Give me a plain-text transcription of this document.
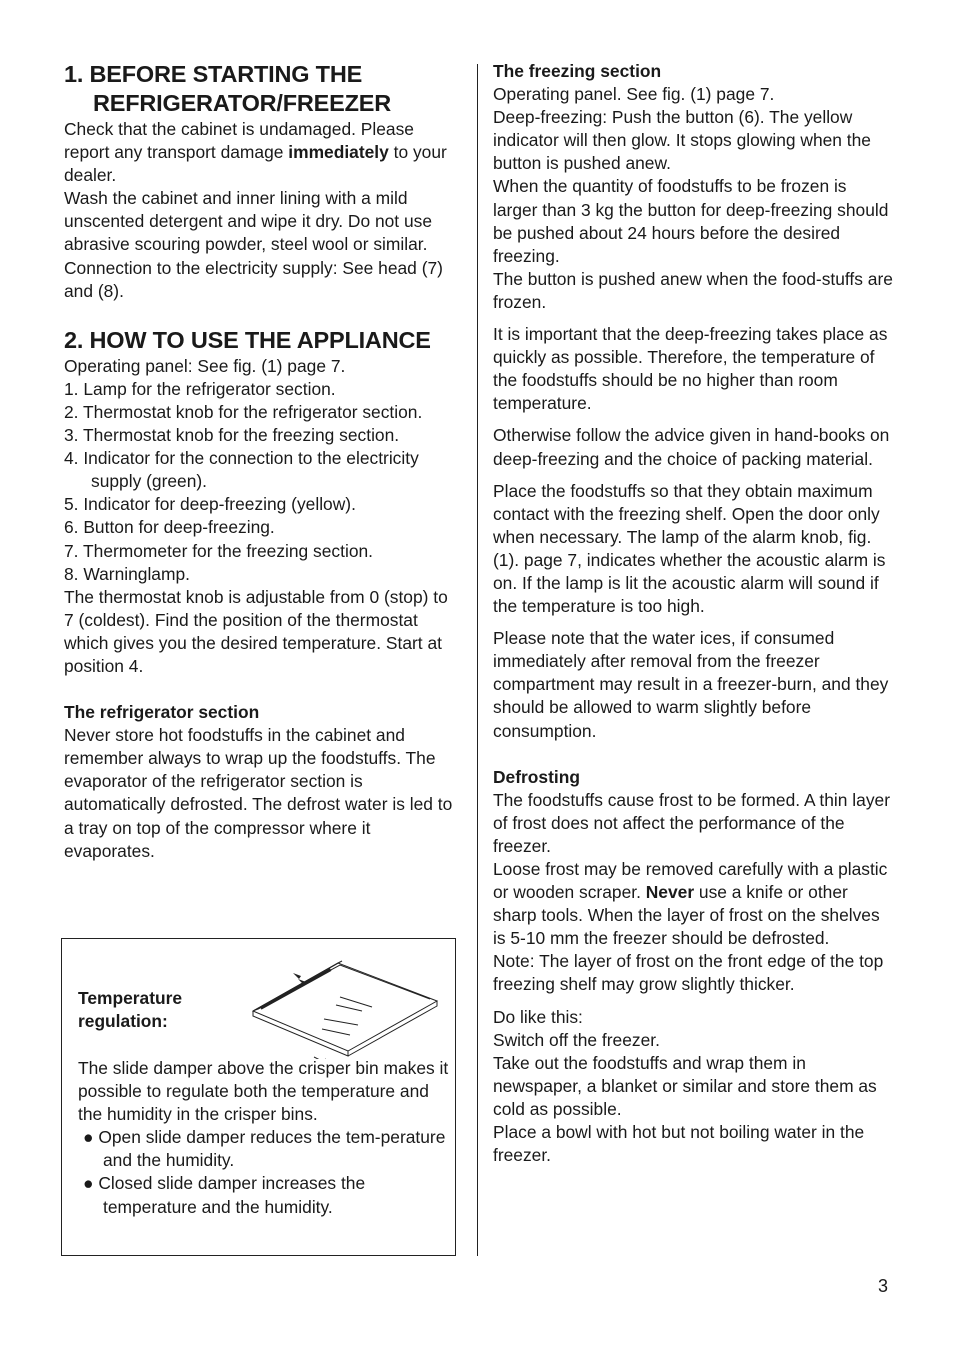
1. BEFORE STARTING THE
REFRIGERATOR/FREEZER

Check that the cabinet is undamaged. Please report any transport damage immediately to your dealer.

Wash the cabinet and inner lining with a mild unscented detergent and wipe it dry. Do not use abrasive scouring powder, steel wool or similar.

Connection to the electricity supply: See head (7) and (8).

2. HOW TO USE THE APPLIANCE

Operating panel: See fig. (1) page 7.

1. Lamp for the refrigerator section.

2. Thermostat knob for the refrigerator section.

3. Thermostat knob for the freezing section.

4. Indicator for the connection to the electricity supply (green).

5. Indicator for deep-freezing (yellow).

6. Button for deep-freezing.

7. Thermometer for the freezing section.

8. Warninglamp.

The thermostat knob is adjustable from 0 (stop) to 7 (coldest). Find the position of the thermostat which gives you the desired temperature. Start at position 4.

The refrigerator section

Never store hot foodstuffs in the cabinet and remember always to wrap up the foodstuffs. The evaporator of the refrigerator section is automatically defrosted. The defrost water is led to a tray on top of the compressor where it evaporates.

Temperature
regulation:

The slide damper above the crisper bin makes it possible to regulate both the temperature and the humidity in the crisper bins.

● Open slide damper reduces the tem-perature and the humidity.

● Closed slide damper increases the temperature and the humidity.

The freezing section

Operating panel. See fig. (1) page 7.

Deep-freezing: Push the button (6). The yellow indicator will then glow. It stops glowing when the button is pushed anew.

When the quantity of foodstuffs to be frozen is larger than 3 kg the button for deep-freezing should be pushed about 24 hours before the desired freezing.

The button is pushed anew when the food-stuffs are frozen.

It is important that the deep-freezing takes place as quickly as possible. Therefore, the temperature of the foodstuffs should be no higher than room temperature.

Otherwise follow the advice given in hand-books on deep-freezing and the choice of packing material.

Place the foodstuffs so that they obtain maximum contact with the freezing shelf. Open the door only when necessary. The lamp of the alarm knob, fig. (1). page 7, indicates whether the acoustic alarm is on. If the lamp is lit the acoustic alarm will sound if the temperature is too high.

Please note that the water ices, if consumed immediately after removal from the freezer compartment may result in a freezer-burn, and they should be allowed to warm slightly before consumption.

Defrosting

The foodstuffs cause frost to be formed. A thin layer of frost does not affect the performance of the freezer.

Loose frost may be removed carefully with a plastic or wooden scraper. Never use a knife or other sharp tools. When the layer of frost on the shelves is 5-10 mm the freezer should be defrosted.

Note: The layer of frost on the front edge of the top freezing shelf may grow slightly thicker.

Do like this:

Switch off the freezer.

Take out the foodstuffs and wrap them in newspaper, a blanket or similar and store them as cold as possible.

Place a bowl with hot but not boiling water in the freezer.

3
